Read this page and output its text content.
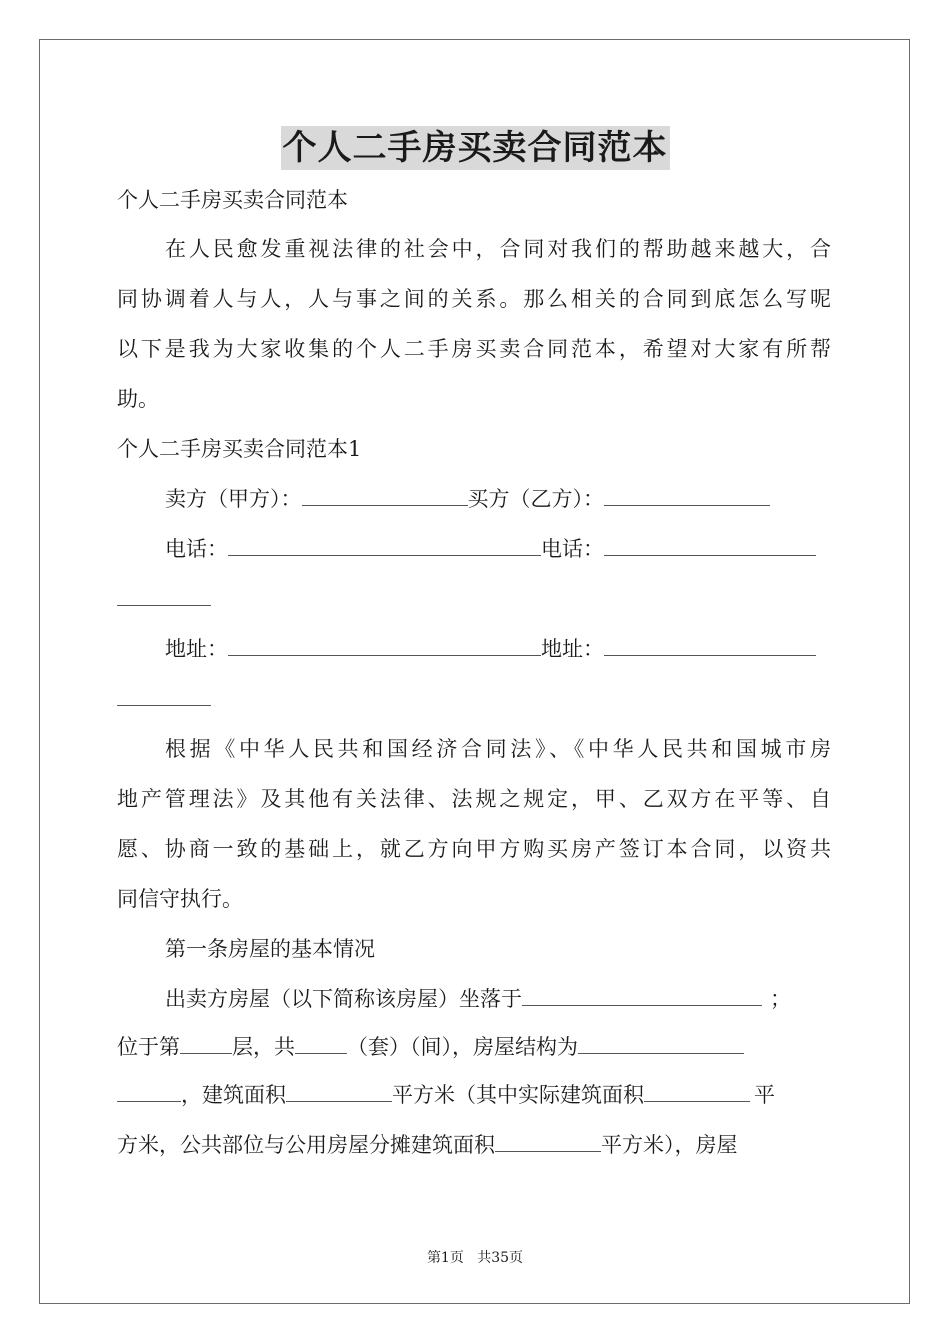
个人二手房买卖合同范本
个人二手房买卖合同范本
在人民愈发重视法律的社会中，合同对我们的帮助越来越大，合
同协调着人与人，人与事之间的关系。那么相关的合同到底怎么写呢
以下是我为大家收集的个人二手房买卖合同范本，希望对大家有所帮
助。
个人二手房买卖合同范本1
卖方（甲方）：	买方（乙方）：
电话：	电话：
地址：	地址：
根据《中华人民共和国经济合同法》、《中华人民共和国城市房
地产管理法》及其他有关法律、法规之规定，甲、乙双方在平等、自
愿、协商一致的基础上，就乙方向甲方购买房产签订本合同，以资共
同信守执行。
第一条房屋的基本情况
出卖方房屋（以下简称该房屋）坐落于	；
位于第 层，共 （套）（间），房屋结构为
，建筑面积	平方米（其中实际建筑面积	平
方米，公共部位与公用房屋分摊建筑面积	平方米），房屋
第1页 共35页
